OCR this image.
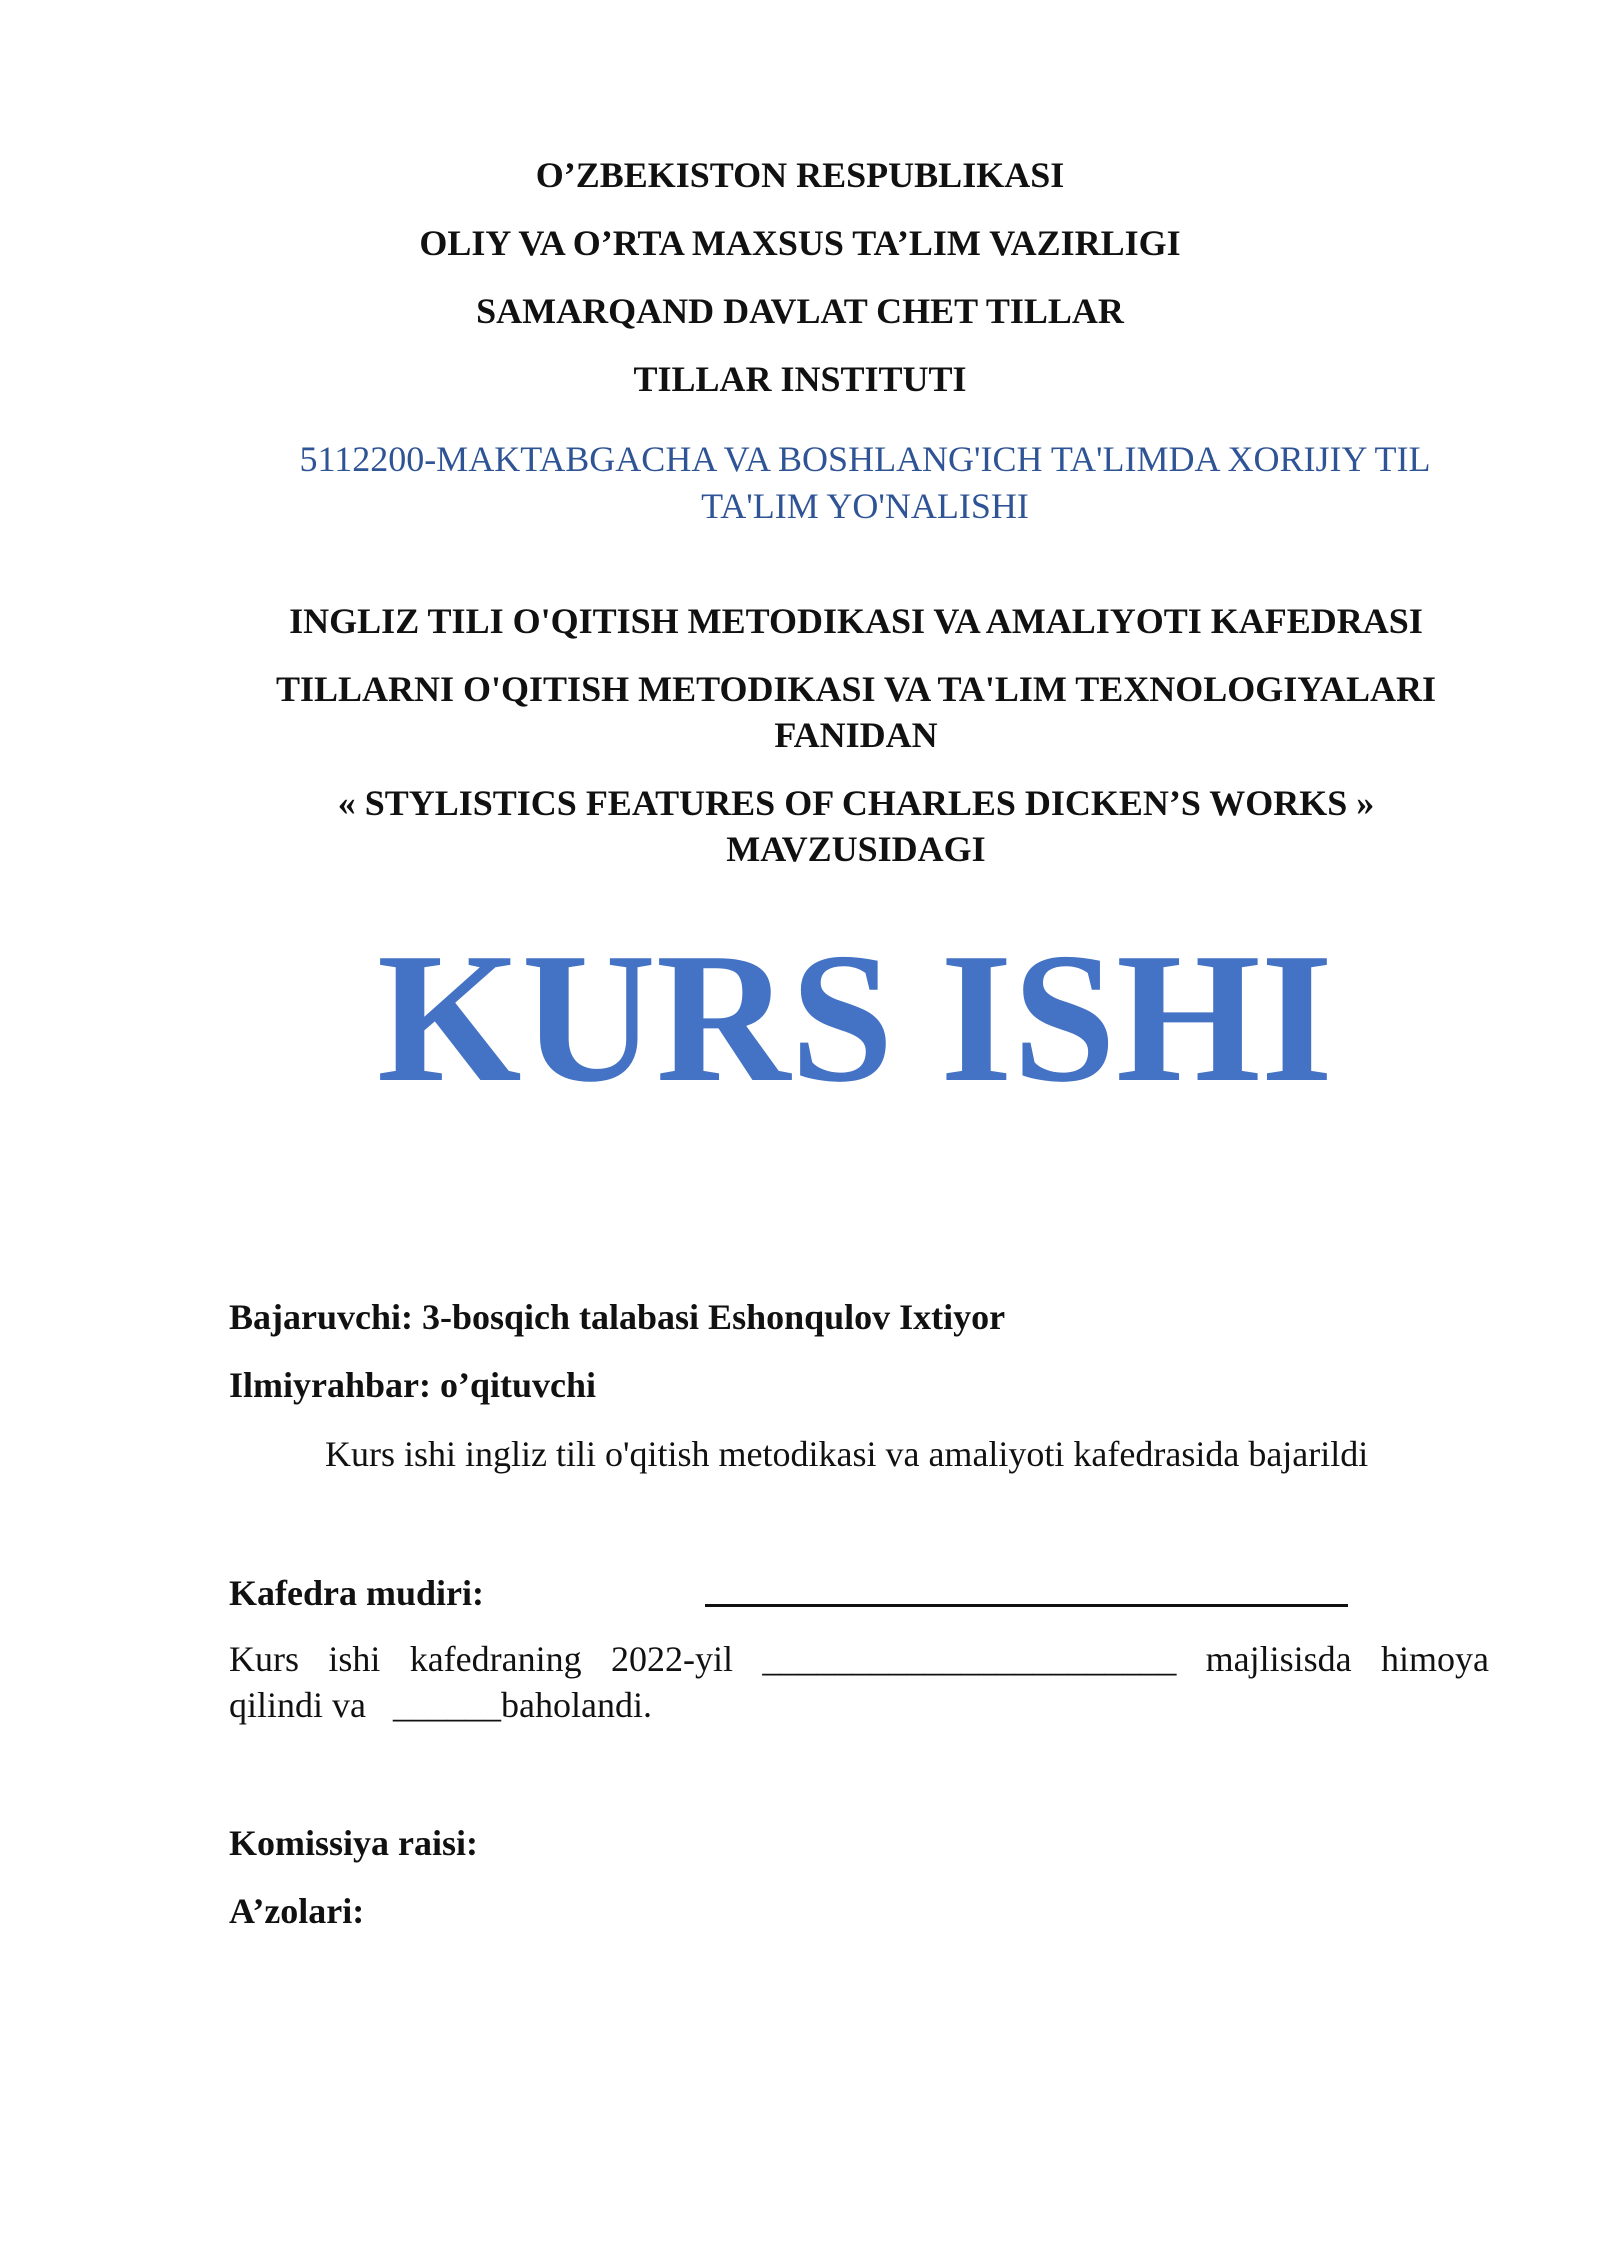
O’ZBEKISTON RESPUBLIKASI
OLIY VA O’RTA MAXSUS TA’LIM VAZIRLIGI
SAMARQAND DAVLAT CHET TILLAR
TILLAR INSTITUTI
5112200-MAKTABGACHA VA BOSHLANG'ICH TA'LIMDA XORIJIY TIL
TA'LIM YO'NALISHI
INGLIZ TILI O'QITISH METODIKASI VA AMALIYOTI KAFEDRASI
TILLARNI O'QITISH METODIKASI VA TA'LIM TEXNOLOGIYALARI
FANIDAN
« STYLISTICS FEATURES OF CHARLES DICKEN’S WORKS »
MAVZUSIDAGI
KURS ISHI
Bajaruvchi: 3-bosqich talabasi Eshonqulov Ixtiyor
Ilmiyrahbar: o’qituvchi
Kurs ishi ingliz tili o'qitish metodikasi va amaliyoti kafedrasida bajarildi
Kafedra mudiri:
Kurs ishi kafedraning 2022-yil _______________________ majlisisda himoya
qilindi va   ______baholandi.
Komissiya raisi:
A’zolari:
